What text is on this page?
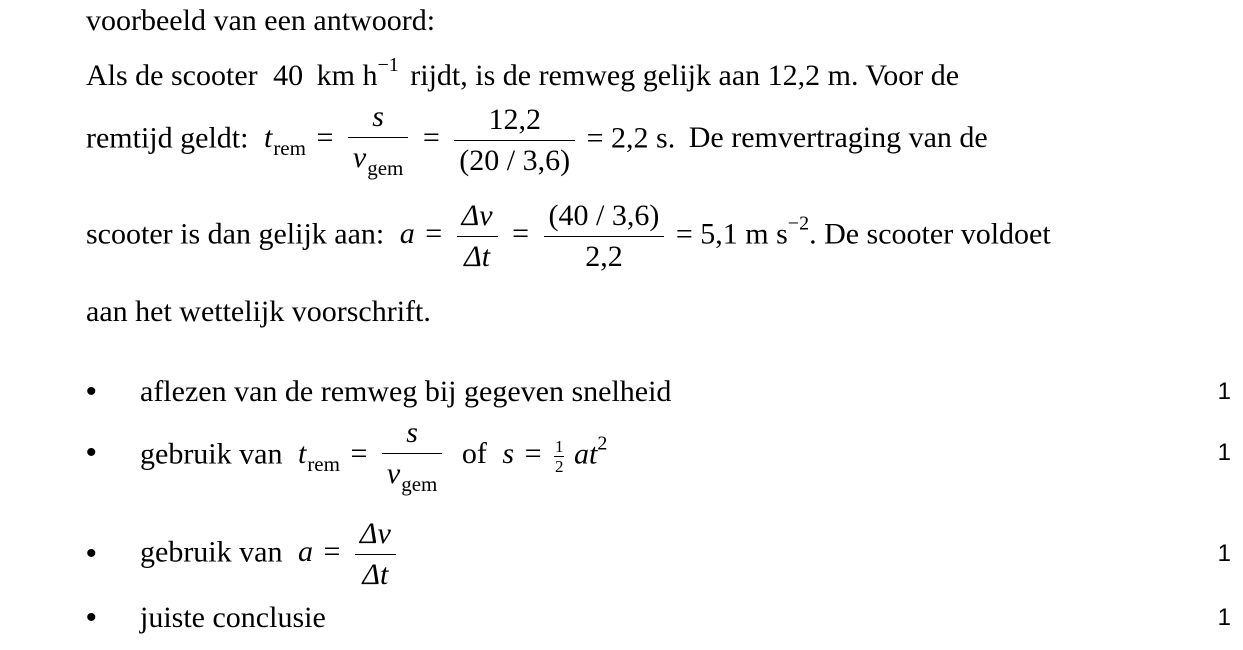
voorbeeld van een antwoord:
Als de scooter 40 km $h^{-1}$ rijdt, is de remweg gelijk aan 12,2 m. Voor de
remtijd geldt: $t_{rem} = \frac{s}{v_{gem}} = \frac{12,2}{(20 / 3,6)} = 2,2$ s. De remvertraging van de
scooter is dan gelijk aan: $a = \frac{\Delta v}{\Delta t} = \frac{(40 / 3,6)}{2,2} = 5,1$ m $s^{-2}$. De scooter voldoet
aan het wettelijk voorschrift.
• aflezen van de remweg bij gegeven snelheid	1
• gebruik van $t_{rem} = \frac{s}{v_{gem}}$ of $s = \frac{1}{2} at^2$	1
• gebruik van $a = \frac{\Delta v}{\Delta t}$	1
• juiste conclusie	1
